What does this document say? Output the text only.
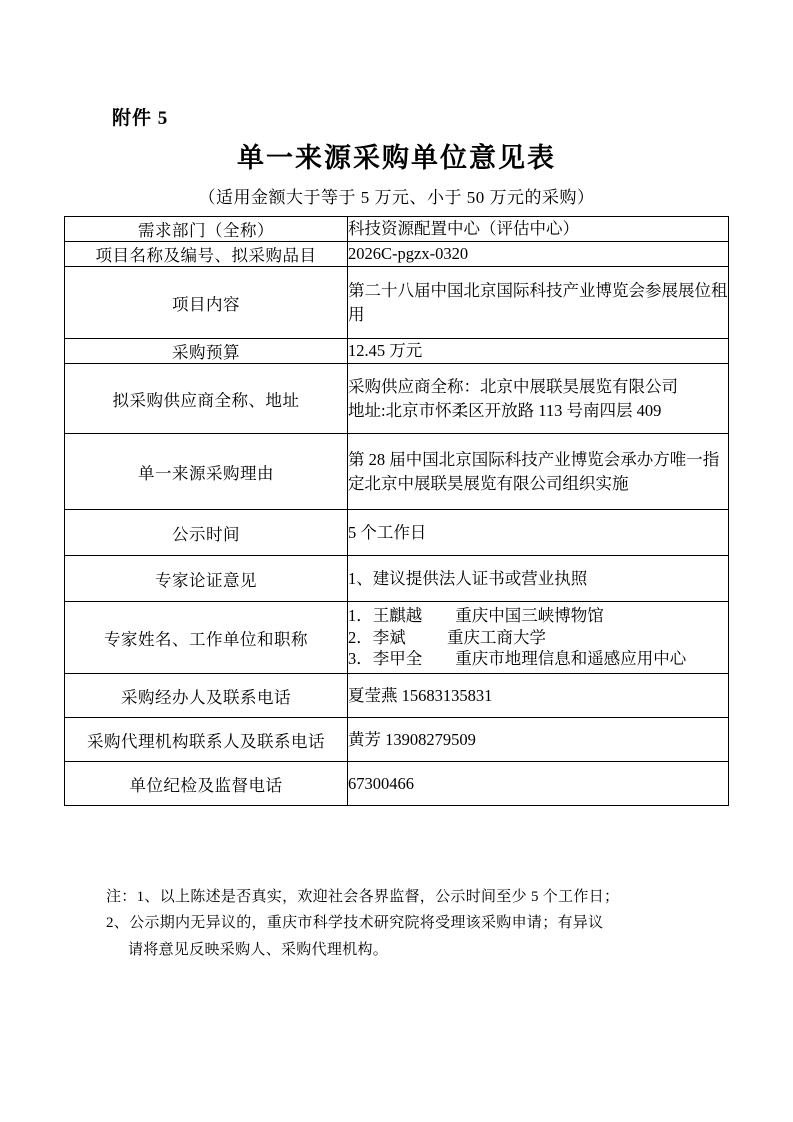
附件 5
单一来源采购单位意见表
（适用金额大于等于 5 万元、小于 50 万元的采购）
需求部门（全称）	科技资源配置中心（评估中心）

项目名称及编号、拟采购品目	2026C-pgzx-0320

项目内容	第二十八届中国北京国际科技产业博览会参展展位租用

采购预算	12.45 万元

拟采购供应商全称、地址	采购供应商全称：北京中展联昊展览有限公司
地址:北京市怀柔区开放路 113 号南四层 409

单一来源采购理由	第 28 届中国北京国际科技产业博览会承办方唯一指定北京中展联昊展览有限公司组织实施

公示时间	5 个工作日

专家论证意见	1、建议提供法人证书或营业执照

专家姓名、工作单位和职称	1．王麒越        重庆中国三峡博物馆
2．李斌          重庆工商大学
3．李甲全        重庆市地理信息和遥感应用中心

采购经办人及联系电话	夏莹燕 15683135831

采购代理机构联系人及联系电话	黄芳 13908279509

单位纪检及监督电话	67300466
注：1、以上陈述是否真实，欢迎社会各界监督，公示时间至少 5 个工作日；
2、公示期内无异议的，重庆市科学技术研究院将受理该采购申请；有异议
请将意见反映采购人、采购代理机构。
